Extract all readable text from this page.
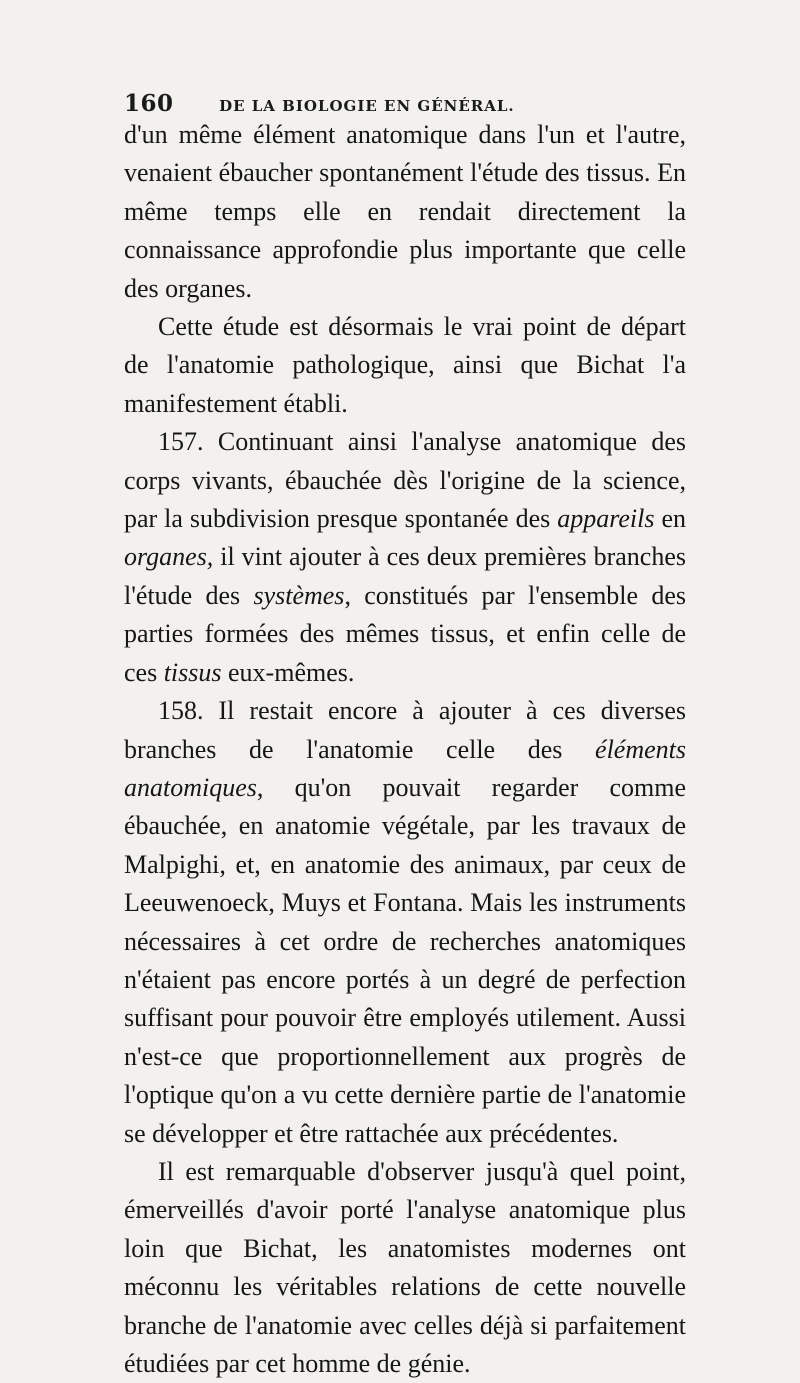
160	DE LA BIOLOGIE EN GÉNÉRAL.

d'un même élément anatomique dans l'un et l'autre, venaient ébaucher spontanément l'étude des tissus. En même temps elle en rendait directement la connaissance approfondie plus importante que celle des organes.

Cette étude est désormais le vrai point de départ de l'anatomie pathologique, ainsi que Bichat l'a manifestement établi.

157. Continuant ainsi l'analyse anatomique des corps vivants, ébauchée dès l'origine de la science, par la subdivision presque spontanée des appareils en organes, il vint ajouter à ces deux premières branches l'étude des systèmes, constitués par l'ensemble des parties formées des mêmes tissus, et enfin celle de ces tissus eux-mêmes.

158. Il restait encore à ajouter à ces diverses branches de l'anatomie celle des éléments anatomiques, qu'on pouvait regarder comme ébauchée, en anatomie végétale, par les travaux de Malpighi, et, en anatomie des animaux, par ceux de Leeuwenoeck, Muys et Fontana. Mais les instruments nécessaires à cet ordre de recherches anatomiques n'étaient pas encore portés à un degré de perfection suffisant pour pouvoir être employés utilement. Aussi n'est-ce que proportionnellement aux progrès de l'optique qu'on a vu cette dernière partie de l'anatomie se développer et être rattachée aux précédentes.

Il est remarquable d'observer jusqu'à quel point, émerveillés d'avoir porté l'analyse anatomique plus loin que Bichat, les anatomistes modernes ont méconnu les véritables relations de cette nouvelle branche de l'anatomie avec celles déjà si parfaitement étudiées par cet homme de génie.
